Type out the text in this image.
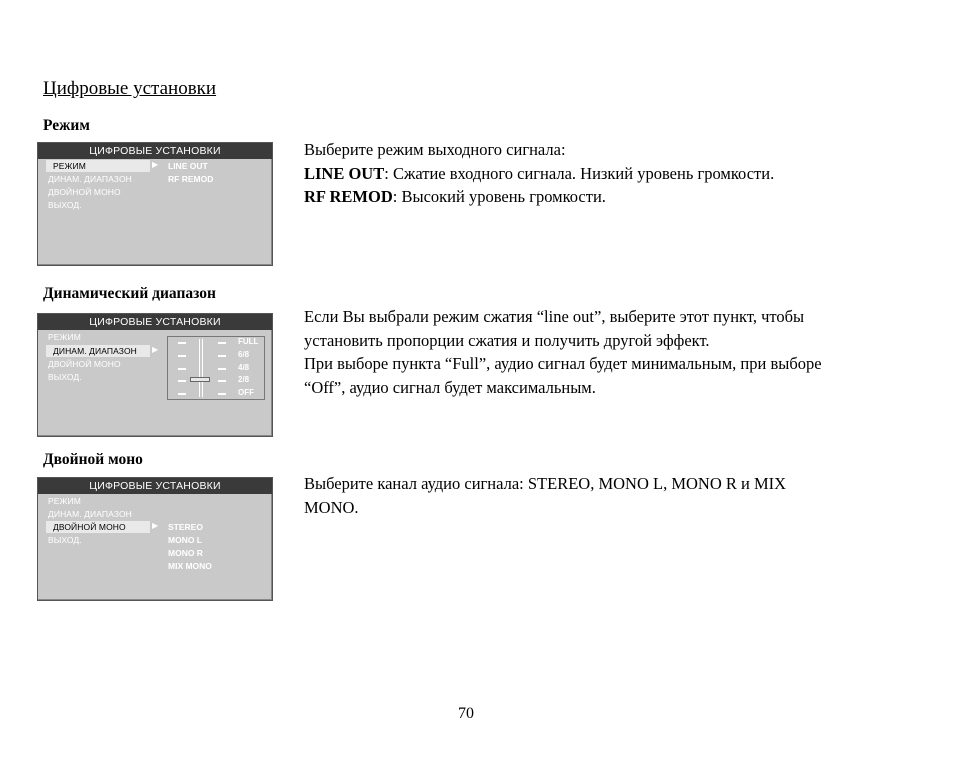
Цифровые установки
Режим
ЦИФРОВЫЕ УСТАНОВКИ
РЕЖИМ	▶
ДИНАМ. ДИАПАЗОН
ДВОЙНОЙ МОНО
ВЫХОД.
LINE OUT
RF REMOD
Выберите режим выходного сигнала:
LINE OUT: Сжатие входного сигнала. Низкий уровень громкости.
RF REMOD: Высокий уровень громкости.
Динамический диапазон
ЦИФРОВЫЕ УСТАНОВКИ
РЕЖИМ
ДИНАМ. ДИАПАЗОН	▶
ДВОЙНОЙ МОНО
ВЫХОД.
FULL
6/8
4/8
2/8
OFF
Если Вы выбрали режим сжатия “line out”, выберите этот пункт, чтобы
установить пропорции сжатия и получить другой эффект.
При выборе пункта “Full”, аудио сигнал будет минимальным, при выборе
“Off”, аудио сигнал будет максимальным.
Двойной моно
ЦИФРОВЫЕ УСТАНОВКИ
РЕЖИМ
ДИНАМ. ДИАПАЗОН
ДВОЙНОЙ МОНО	▶
ВЫХОД.
STEREO
MONO L
MONO R
MIX MONO
Выберите канал аудио сигнала: STEREO, MONO L, MONO R и MIX
MONO.
70
